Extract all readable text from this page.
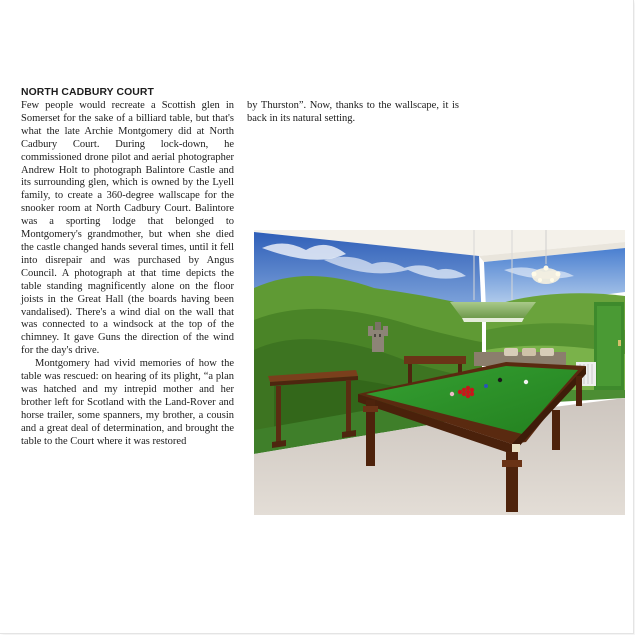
NORTH CADBURY COURT

Few people would recreate a Scottish glen in Somerset for the sake of a billiard table, but that's what the late Archie Montgomery did at North Cadbury Court. During lock-down, he commissioned drone pilot and aerial photographer Andrew Holt to photograph Balintore Castle and its surrounding glen, which is owned by the Lyell family, to create a 360-degree wallscape for the snooker room at North Cadbury Court. Balintore was a sporting lodge that belonged to Montgomery's grandmother, but when she died the castle changed hands several times, until it fell into disrepair and was purchased by Angus Council. A photograph at that time depicts the table standing magnificently alone on the floor joists in the Great Hall (the boards having been vandalised). There's a wind dial on the wall that was connected to a windsock at the top of the chimney. It gave Guns the direction of the wind for the day's drive.

Montgomery had vivid memories of how the table was rescued: on hearing of its plight, “a plan was hatched and my intrepid mother and her brother left for Scotland with the Land-Rover and horse trailer, some spanners, my brother, a cousin and a great deal of determination, and brought the table to the Court where it was restored

by Thurston”. Now, thanks to the wallscape, it is back in its natural setting.
